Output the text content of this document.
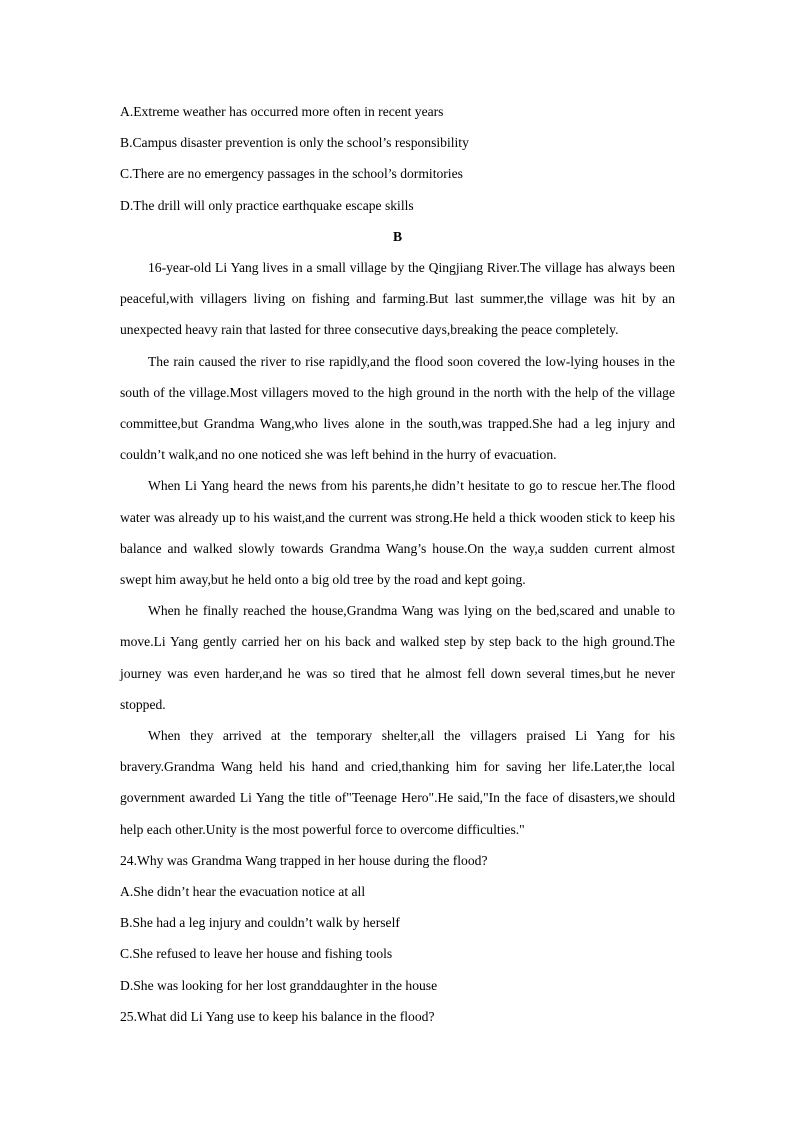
A.Extreme weather has occurred more often in recent years
B.Campus disaster prevention is only the school’s responsibility
C.There are no emergency passages in the school’s dormitories
D.The drill will only practice earthquake escape skills
B

16-year-old Li Yang lives in a small village by the Qingjiang River.The village has always been peaceful,with villagers living on fishing and farming.But last summer,the village was hit by an unexpected heavy rain that lasted for three consecutive days,breaking the peace completely.

The rain caused the river to rise rapidly,and the flood soon covered the low-lying houses in the south of the village.Most villagers moved to the high ground in the north with the help of the village committee,but Grandma Wang,who lives alone in the south,was trapped.She had a leg injury and couldn’t walk,and no one noticed she was left behind in the hurry of evacuation.

When Li Yang heard the news from his parents,he didn’t hesitate to go to rescue her.The flood water was already up to his waist,and the current was strong.He held a thick wooden stick to keep his balance and walked slowly towards Grandma Wang’s house.On the way,a sudden current almost swept him away,but he held onto a big old tree by the road and kept going.

When he finally reached the house,Grandma Wang was lying on the bed,scared and unable to move.Li Yang gently carried her on his back and walked step by step back to the high ground.The journey was even harder,and he was so tired that he almost fell down several times,but he never stopped.

When they arrived at the temporary shelter,all the villagers praised Li Yang for his bravery.Grandma Wang held his hand and cried,thanking him for saving her life.Later,the local government awarded Li Yang the title of"Teenage Hero".He said,"In the face of disasters,we should help each other.Unity is the most powerful force to overcome difficulties."

24.Why was Grandma Wang trapped in her house during the flood?
A.She didn’t hear the evacuation notice at all
B.She had a leg injury and couldn’t walk by herself
C.She refused to leave her house and fishing tools
D.She was looking for her lost granddaughter in the house
25.What did Li Yang use to keep his balance in the flood?
